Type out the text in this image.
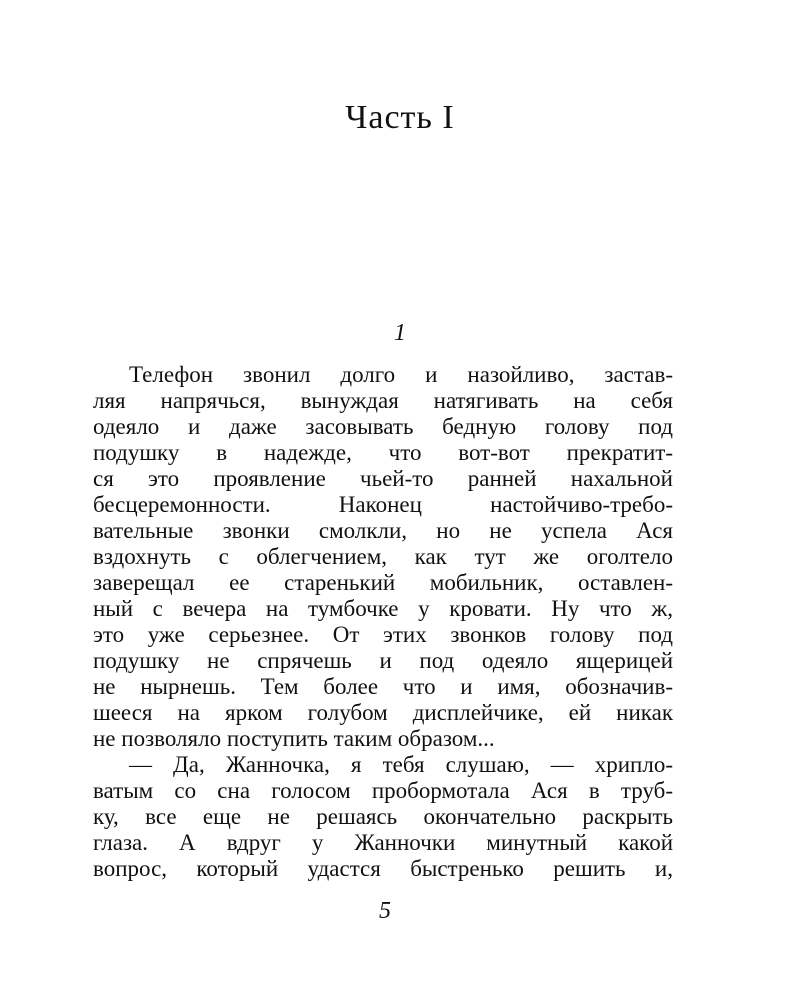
Часть I
1
Телефон звонил долго и назойливо, застав-
ляя напрячься, вынуждая натягивать на себя
одеяло и даже засовывать бедную голову под
подушку в надежде, что вот-вот прекратит-
ся это проявление чьей-то ранней нахальной
бесцеремонности. Наконец настойчиво-требо-
вательные звонки смолкли, но не успела Ася
вздохнуть с облегчением, как тут же оголтело
заверещал ее старенький мобильник, оставлен-
ный с вечера на тумбочке у кровати. Ну что ж,
это уже серьезнее. От этих звонков голову под
подушку не спрячешь и под одеяло ящерицей
не нырнешь. Тем более что и имя, обозначив-
шееся на ярком голубом дисплейчике, ей никак
не позволяло поступить таким образом...
— Да, Жанночка, я тебя слушаю, — хрипло-
ватым со сна голосом пробормотала Ася в труб-
ку, все еще не решаясь окончательно раскрыть
глаза. А вдруг у Жанночки минутный какой
вопрос, который удастся быстренько решить и,
5
